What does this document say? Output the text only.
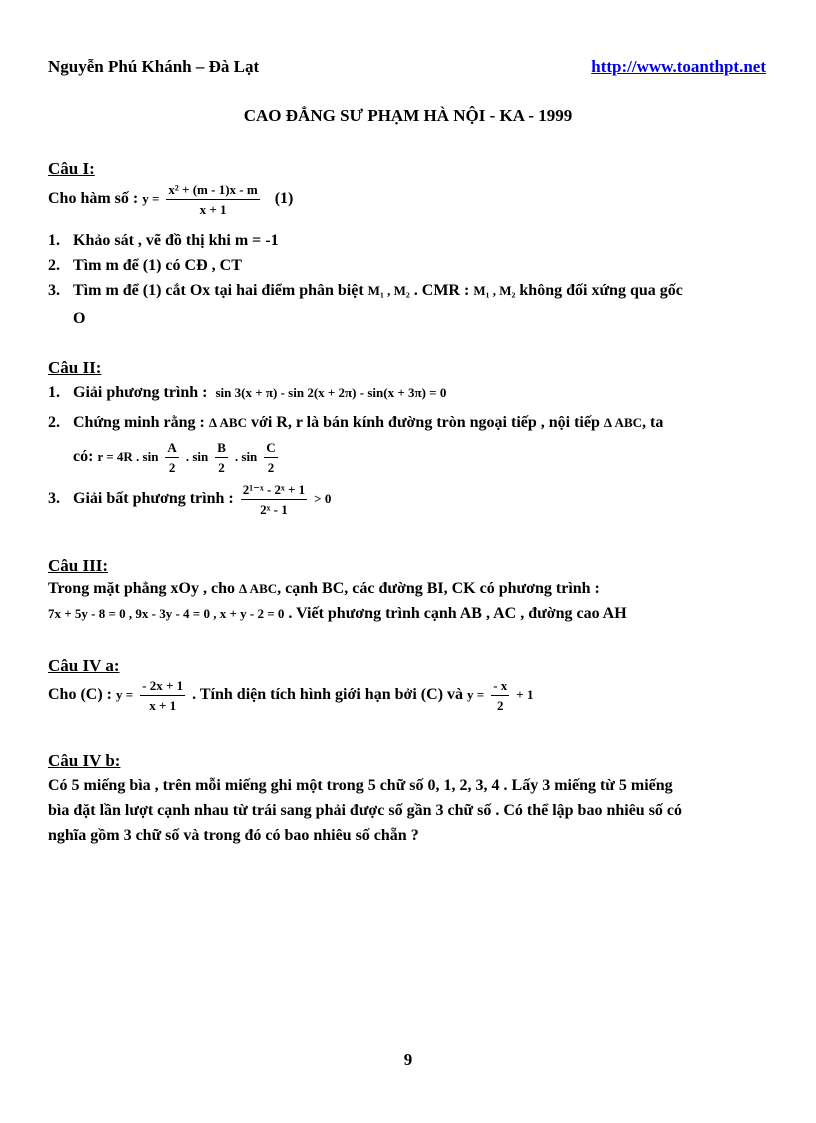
Nguyễn Phú Khánh – Đà Lạt	http://www.toanthpt.net
CAO ĐẲNG SƯ PHẠM HÀ NỘI - KA - 1999
Câu I:
Cho hàm số : $y = \frac{\text{x² + (m - 1)x - m}}{x + 1} (1)$
1. Khảo sát , vẽ đồ thị khi m = -1
2. Tìm m để (1) có CĐ , CT
3. Tìm m để (1) cắt Ox tại hai điểm phân biệt M₁ , M₂ . CMR : M₁ , M₂ không đối xứng qua gốc
O
Câu II:
1. Giải phương trình : sin 3(x + π) - sin 2(x + 2π) - sin(x + 3π) = 0
2. Chứng minh rằng : Δ ABC với R, r là bán kính đường tròn ngoại tiếp , nội tiếp Δ ABC, ta
có: r = 4R . $\sin \frac{A}{2}$ . $\sin \frac{B}{2}$ . $\sin \frac{C}{2}$
3. Giải bất phương trình : $\frac{\text{2¹⁻ˣ - 2ˣ + 1}}{\text{2ˣ - 1}} > 0$
Câu III:
Trong mặt phẳng xOy , cho Δ ABC, cạnh BC, các đường BI, CK có phương trình :
7x + 5y - 8 = 0 , 9x - 3y - 4 = 0 , x + y - 2 = 0 . Viết phương trình cạnh AB , AC , đường cao AH
Câu IV a:
Cho (C) : $y = \frac{- 2x + 1}{x + 1}$ . Tính diện tích hình giới hạn bởi (C) và $y = \frac{- x}{2} + 1$
Câu IV b:
Có 5 miếng bìa , trên mỗi miếng ghi một trong 5 chữ số 0, 1, 2, 3, 4 . Lấy 3 miếng từ 5 miếng
bìa đặt lần lượt cạnh nhau từ trái sang phải được số gần 3 chữ số . Có thể lập bao nhiêu số có
nghĩa gồm 3 chữ số và trong đó có bao nhiêu số chẵn ?
9
